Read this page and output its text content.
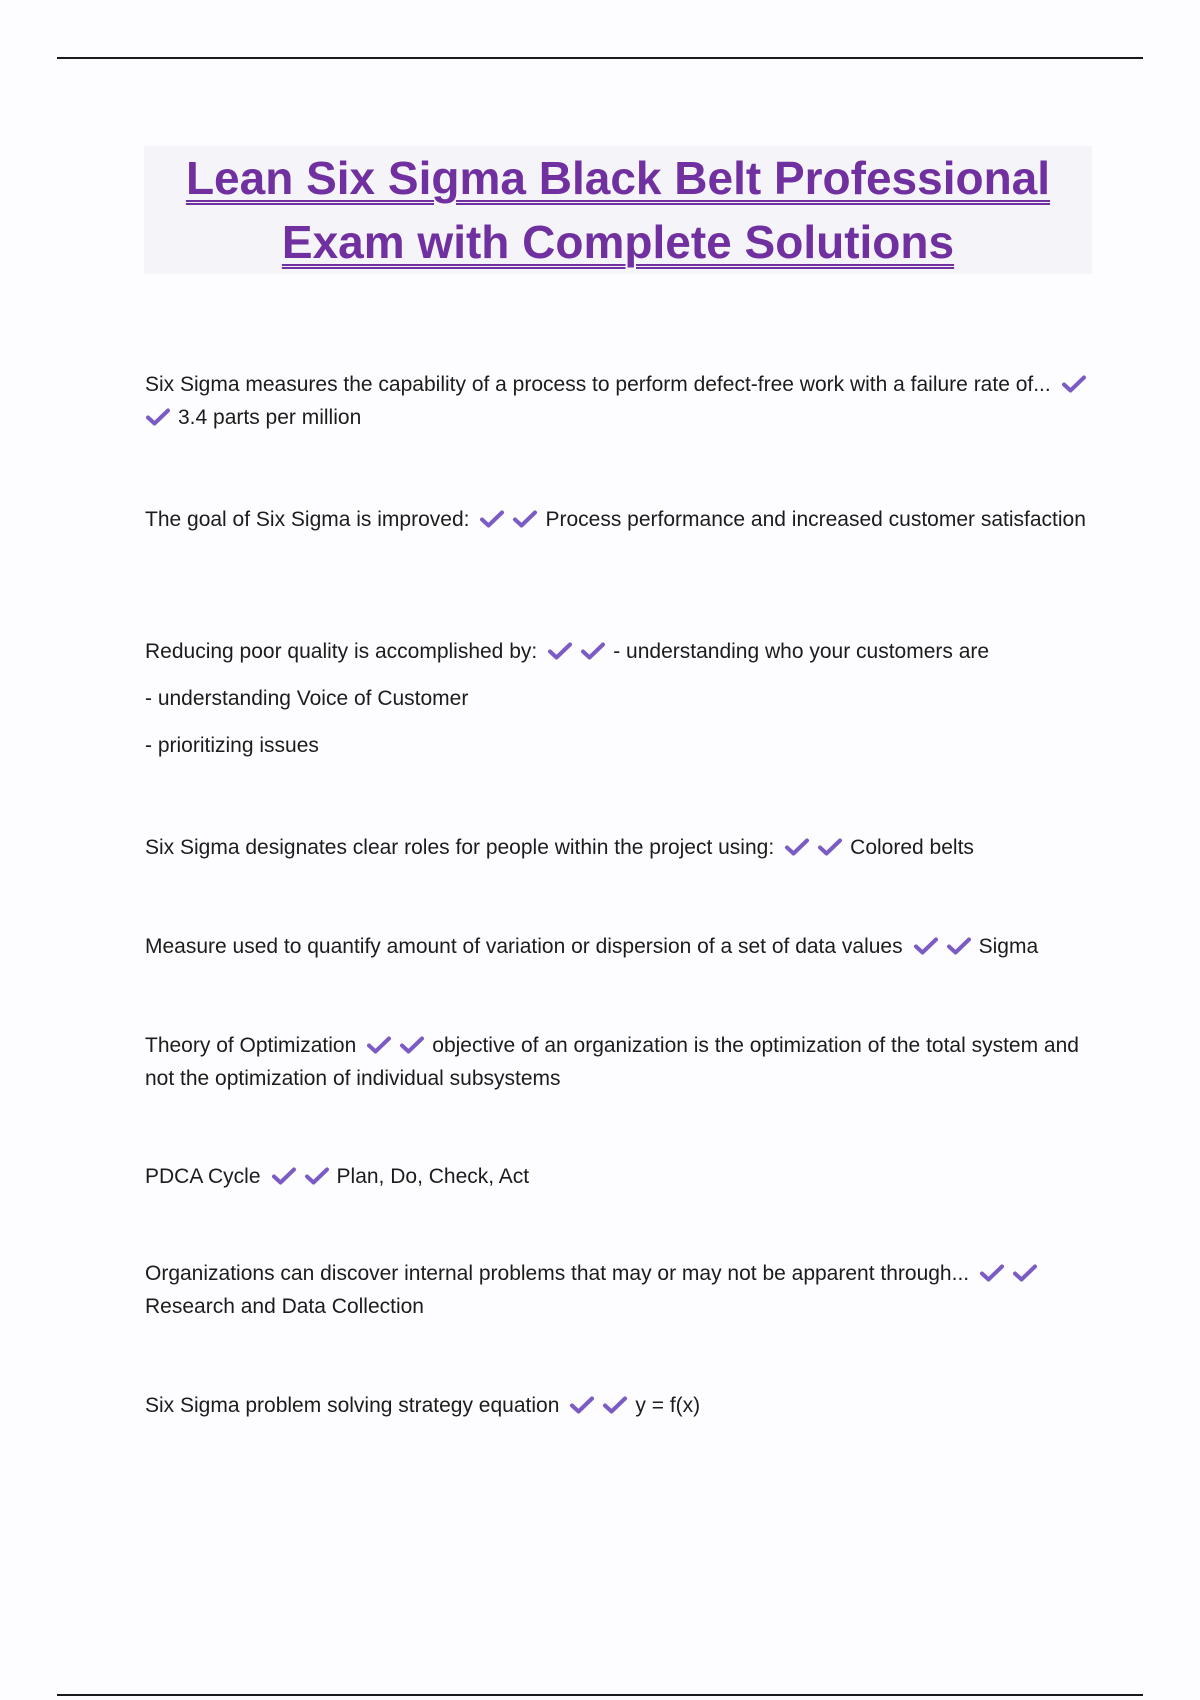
Lean Six Sigma Black Belt Professional
Exam with Complete Solutions
Six Sigma measures the capability of a process to perform defect-free work with a failure rate of...
3.4 parts per million
The goal of Six Sigma is improved:	Process performance and increased customer satisfaction
Reducing poor quality is accomplished by:	- understanding who your customers are
- understanding Voice of Customer
- prioritizing issues
Six Sigma designates clear roles for people within the project using:	Colored belts
Measure used to quantify amount of variation or dispersion of a set of data values	Sigma
Theory of Optimization	objective of an organization is the optimization of the total system and not the optimization of individual subsystems
PDCA Cycle	Plan, Do, Check, Act
Organizations can discover internal problems that may or may not be apparent through...
Research and Data Collection
Six Sigma problem solving strategy equation	y = f(x)
